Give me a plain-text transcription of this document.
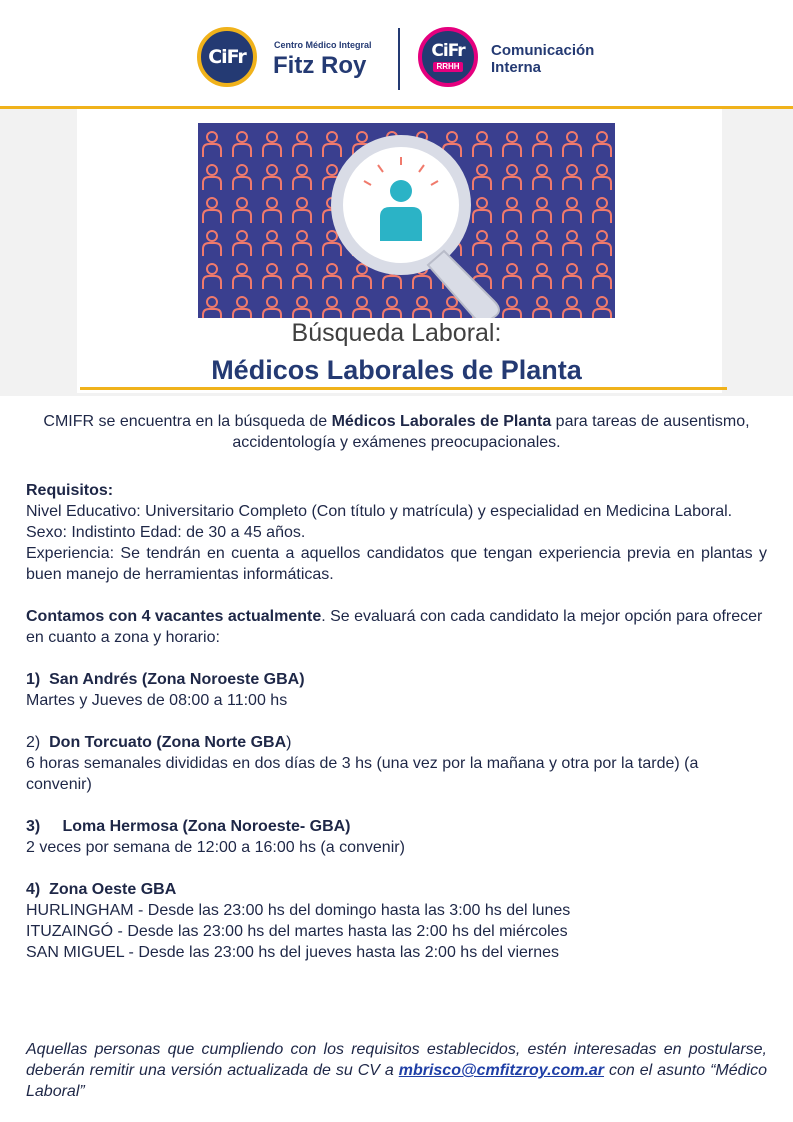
CiFr
Centro Médico Integral
Fitz Roy
CiFr
RRHH
Comunicación
Interna
Búsqueda Laboral:
Médicos Laborales de Planta
CMIFR se encuentra en la búsqueda de Médicos Laborales de Planta para tareas de ausentismo, accidentología y exámenes preocupacionales.
Requisitos:
Nivel Educativo: Universitario Completo (Con título y matrícula) y especialidad en Medicina Laboral.
Sexo: Indistinto Edad: de 30 a 45 años.
Experiencia: Se tendrán en cuenta a aquellos candidatos que tengan experiencia previa en plantas y buen manejo de herramientas informáticas.
Contamos con 4 vacantes actualmente. Se evaluará con cada candidato la mejor opción para ofrecer en cuanto a zona y horario:
1) San Andrés (Zona Noroeste GBA)
Martes y Jueves de 08:00 a 11:00 hs
2) Don Torcuato (Zona Norte GBA)
6 horas semanales divididas en dos días de 3 hs (una vez por la mañana y otra por la tarde) (a convenir)
3) Loma Hermosa (Zona Noroeste- GBA)
2 veces por semana de 12:00 a 16:00 hs (a convenir)
4) Zona Oeste GBA
HURLINGHAM - Desde las 23:00 hs del domingo hasta las 3:00 hs del lunes
ITUZAINGÓ - Desde las 23:00 hs del martes hasta las 2:00 hs del miércoles
SAN MIGUEL - Desde las 23:00 hs del jueves hasta las 2:00 hs del viernes
Aquellas personas que cumpliendo con los requisitos establecidos, estén interesadas en postularse, deberán remitir una versión actualizada de su CV a mbrisco@cmfitzroy.com.ar con el asunto “Médico Laboral”
